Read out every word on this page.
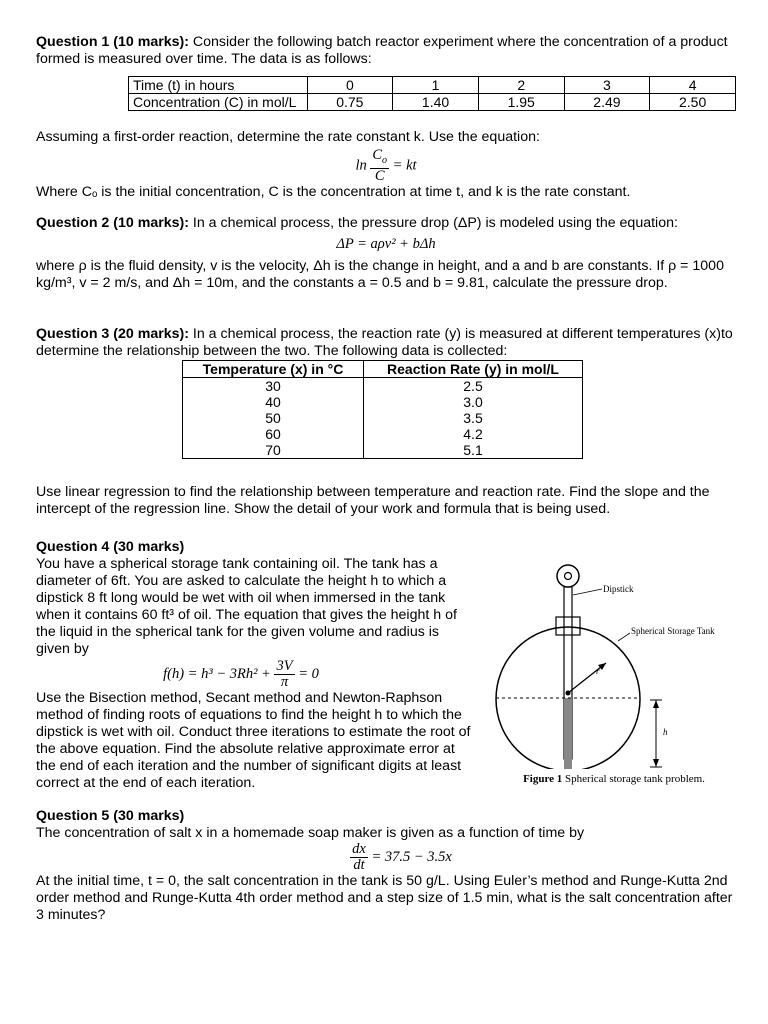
Question 1 (10 marks): Consider the following batch reactor experiment where the concentration of a product formed is measured over time. The data is as follows:

Time (t) in hours	0	1	2	3	4
Concentration (C) in mol/L	0.75	1.40	1.95	2.49	2.50

Assuming a first-order reaction, determine the rate constant k. Use the equation:

$\ln \frac{C_o}{C}$ = kt

Where Cₒ is the initial concentration, C is the concentration at time t, and k is the rate constant.

Question 2 (10 marks): In a chemical process, the pressure drop (ΔP) is modeled using the equation:

ΔP = aρv² + bΔh

where ρ is the fluid density, v is the velocity, Δh is the change in height, and a and b are constants. If ρ = 1000 kg/m³, v = 2 m/s, and Δh = 10m, and the constants a = 0.5 and b = 9.81, calculate the pressure drop.

Question 3 (20 marks): In a chemical process, the reaction rate (y) is measured at different temperatures (x)to determine the relationship between the two. The following data is collected:

Temperature (x) in °C	Reaction Rate (y) in mol/L
30	2.5
40	3.0
50	3.5
60	4.2
70	5.1

Use linear regression to find the relationship between temperature and reaction rate. Find the slope and the intercept of the regression line. Show the detail of your work and formula that is being used.

Question 4 (30 marks)

You have a spherical storage tank containing oil. The tank has a diameter of 6ft. You are asked to calculate the height h to which a dipstick 8 ft long would be wet with oil when immersed in the tank when it contains 60 ft³ of oil. The equation that gives the height h of the liquid in the spherical tank for the given volume and radius is given by

$f(h) = h^3 - 3Rh^2 + \frac{3V}{\pi} = 0$

Use the Bisection method, Secant method and Newton-Raphson method of finding roots of equations to find the height h to which the dipstick is wet with oil. Conduct three iterations to estimate the root of the above equation. Find the absolute relative approximate error at the end of each iteration and the number of significant digits at least correct at the end of each iteration.

Dipstick
Spherical Storage Tank
r
h
Figure 1 Spherical storage tank problem.

Question 5 (30 marks)

The concentration of salt x in a homemade soap maker is given as a function of time by

$\frac{dx}{dt} = 37.5 - 3.5x$

At the initial time, t = 0, the salt concentration in the tank is 50 g/L. Using Euler’s method and Runge-Kutta 2nd order method and Runge-Kutta 4th order method and a step size of 1.5 min, what is the salt concentration after 3 minutes?
